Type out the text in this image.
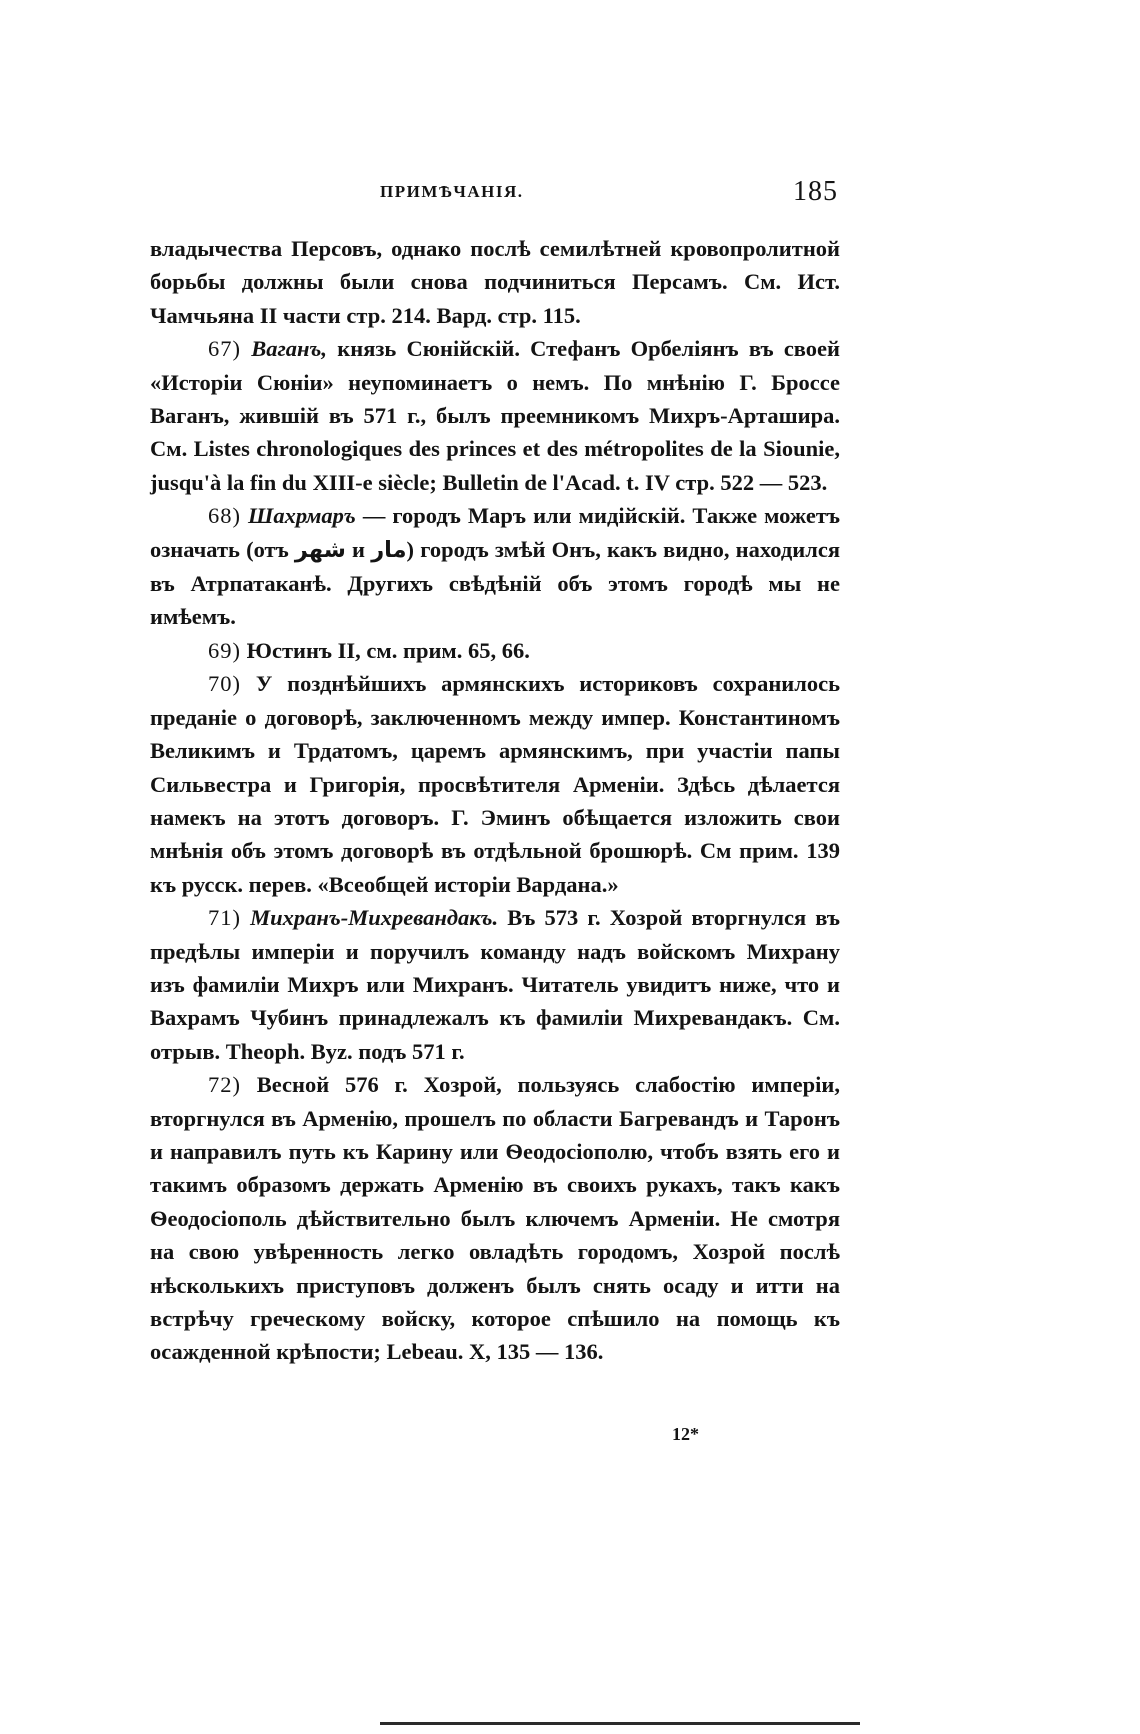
ПРИМѢЧАНІЯ.	185

владычества Персовъ, однако послѣ семилѣтней кровопролитной борьбы должны были снова подчиниться Персамъ. См. Ист. Чамчьяна II части стр. 214. Вард. стр. 115.

67) Ваганъ, князь Сюнійскій. Стефанъ Орбеліянъ въ своей «Исторіи Сюніи» неупоминаетъ о немъ. По мнѣнію Г. Броссе Ваганъ, жившій въ 571 г., былъ преемникомъ Михръ-Арташира. См. Listes chronologiques des princes et des métropolites de la Siounie, jusqu'à la fin du XIII-e siècle; Bulletin de l'Acad. t. IV стр. 522 — 523.

68) Шахрмаръ — городъ Маръ или мидійскій. Также можетъ означать (отъ شهر и مار) городъ змѣй Онъ, какъ видно, находился въ Атрпатаканѣ. Другихъ свѣдѣній объ этомъ городѣ мы не имѣемъ.

69) Юстинъ II, см. прим. 65, 66.

70) У позднѣйшихъ армянскихъ историковъ сохранилось преданіе о договорѣ, заключенномъ между импер. Константиномъ Великимъ и Трдатомъ, царемъ армянскимъ, при участіи папы Сильвестра и Григорія, просвѣтителя Арменіи. Здѣсь дѣлается намекъ на этотъ договоръ. Г. Эминъ обѣщается изложить свои мнѣнія объ этомъ договорѣ въ отдѣльной брошюрѣ. См прим. 139 къ русск. перев. «Всеобщей исторіи Вардана.»

71) Михранъ-Михревандакъ. Въ 573 г. Хозрой вторгнулся въ предѣлы имперіи и поручилъ команду надъ войскомъ Михрану изъ фамиліи Михръ или Михранъ. Читатель увидитъ ниже, что и Вахрамъ Чубинъ принадлежалъ къ фамиліи Михревандакъ. См. отрыв. Theoph. Byz. подъ 571 г.

72) Весной 576 г. Хозрой, пользуясь слабостію имперіи, вторгнулся въ Арменію, прошелъ по области Багревандъ и Таронъ и направилъ путь къ Карину или Ѳеодосіополю, чтобъ взять его и такимъ образомъ держать Арменію въ своихъ рукахъ, такъ какъ Ѳеодосіополь дѣйствительно былъ ключемъ Арменіи. Не смотря на свою увѣренность легко овладѣть городомъ, Хозрой послѣ нѣсколькихъ приступовъ долженъ былъ снять осаду и итти на встрѣчу греческому войску, которое спѣшило на помощь къ осажденной крѣпости; Lebeau. X, 135 — 136.

12*
